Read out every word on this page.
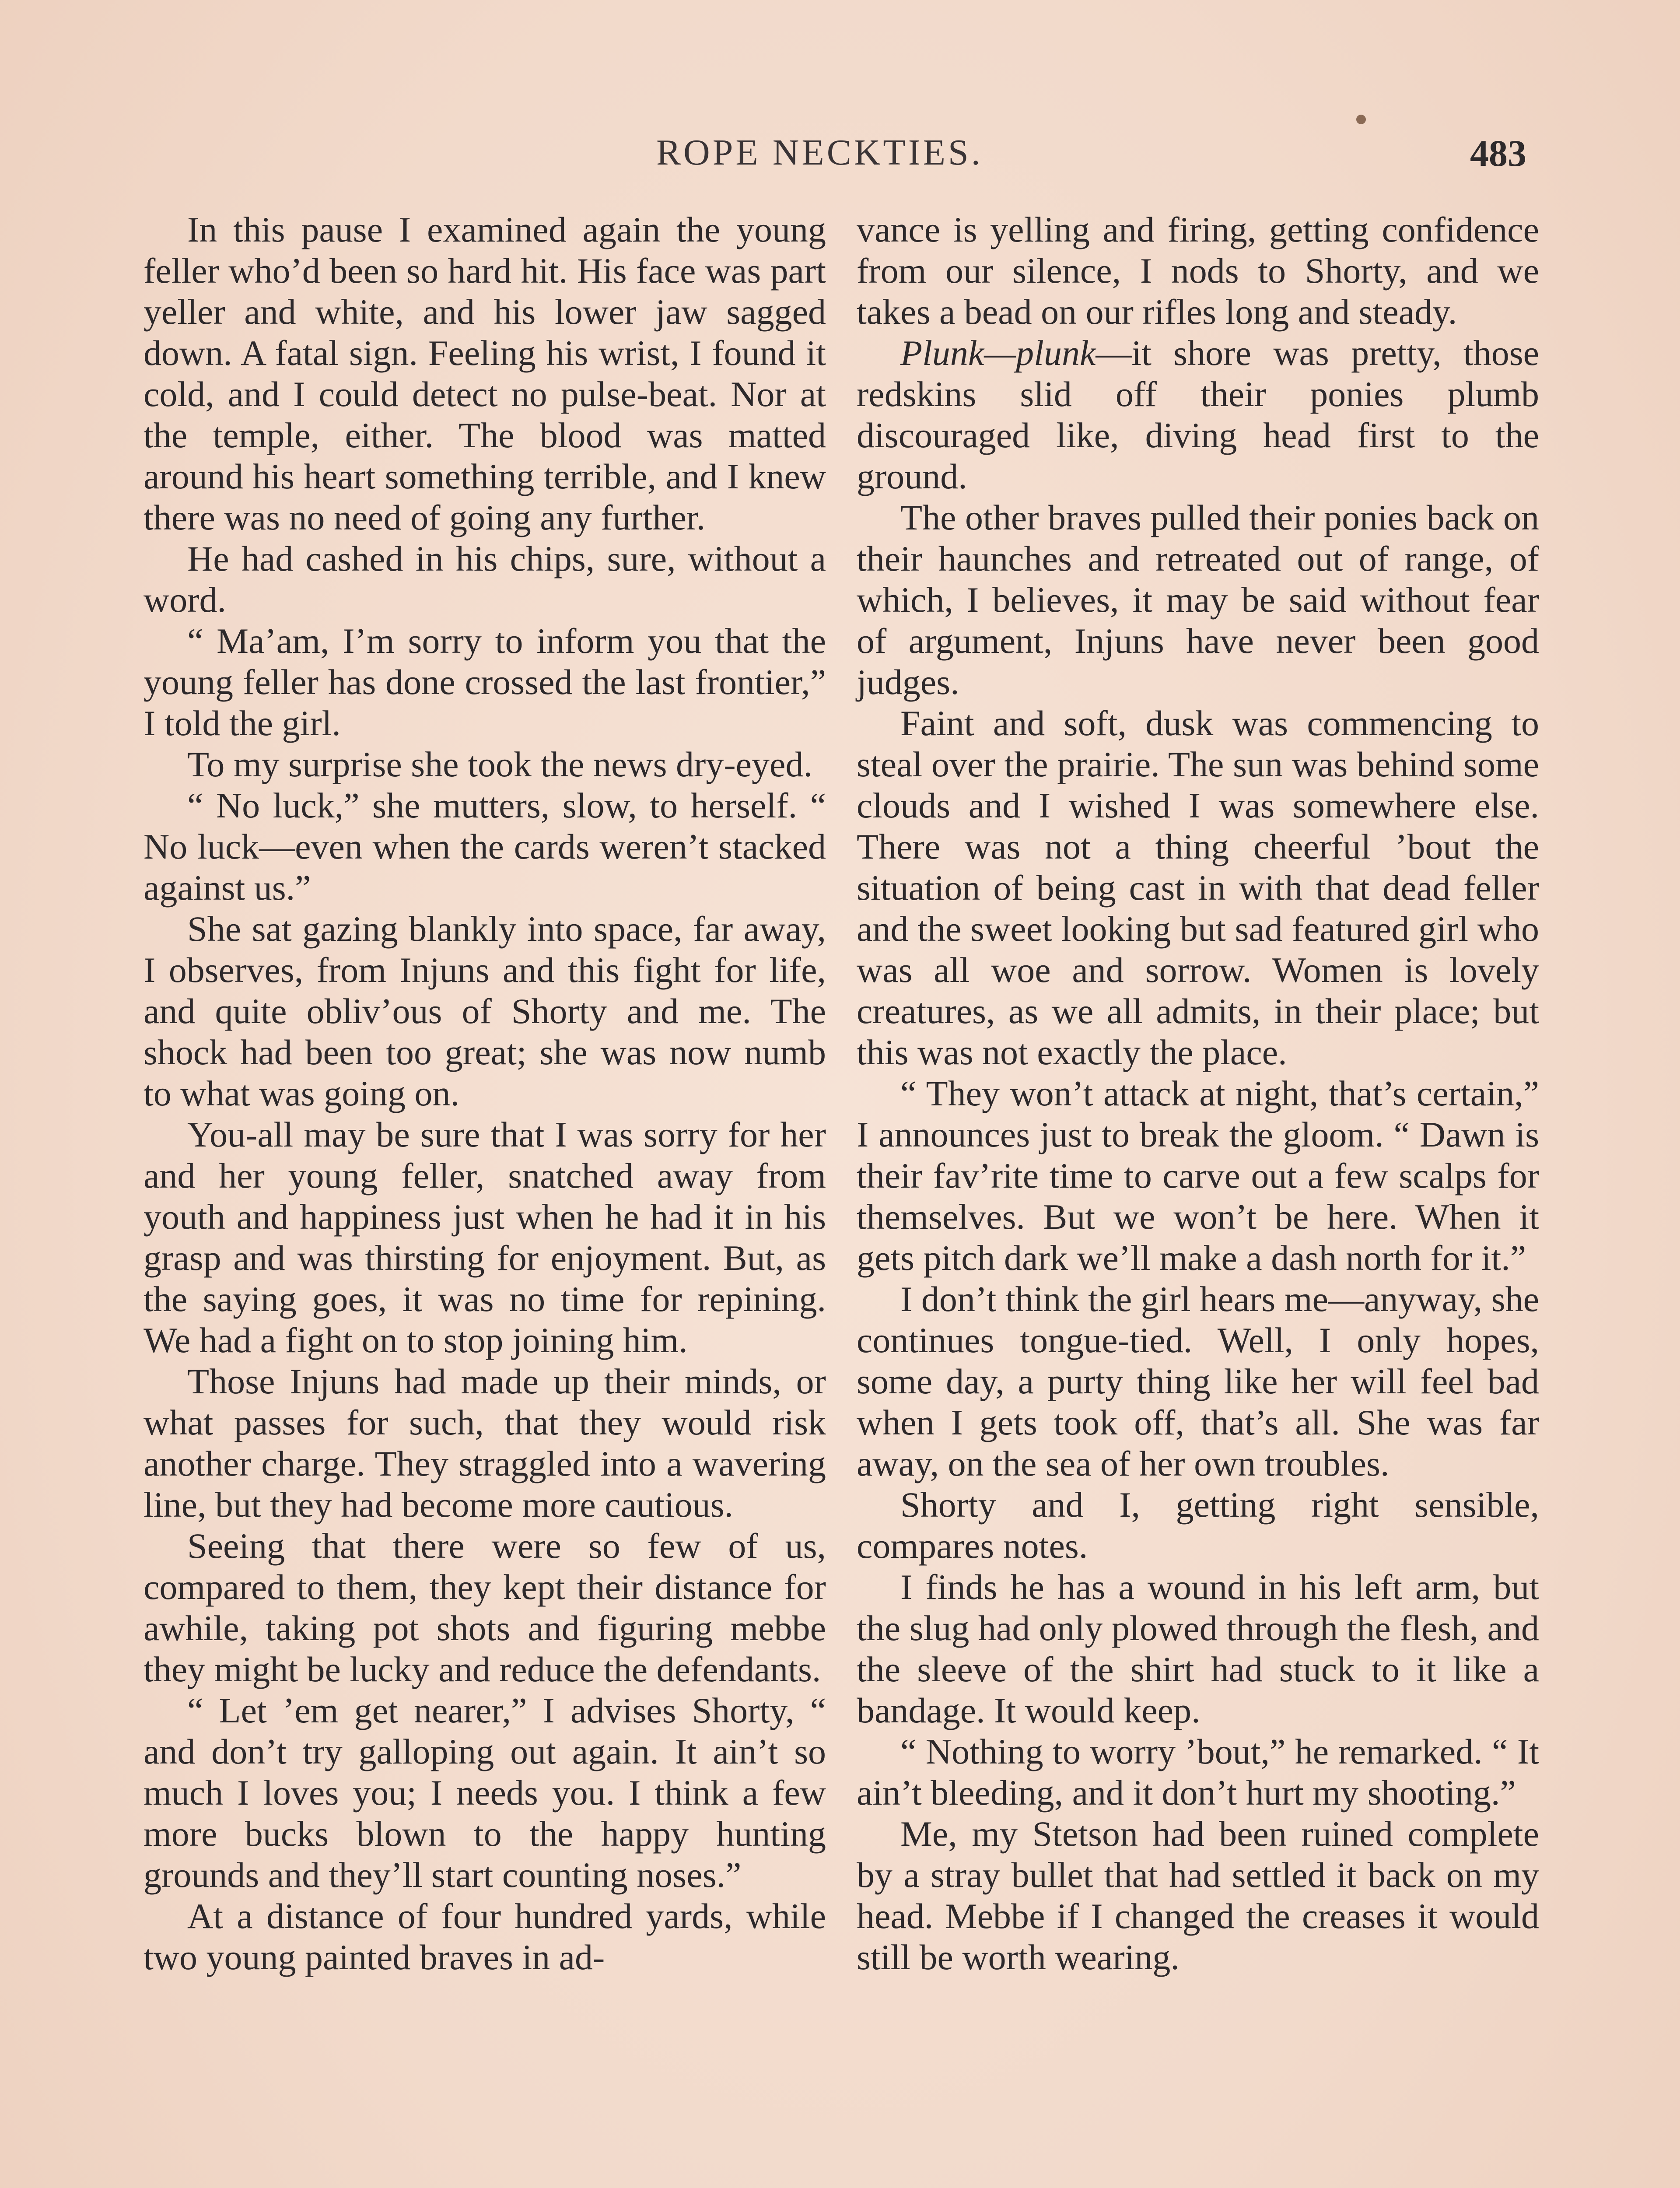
ROPE NECKTIES.	483

In this pause I examined again the young feller who’d been so hard hit. His face was part yeller and white, and his lower jaw sagged down. A fatal sign. Feeling his wrist, I found it cold, and I could detect no pulse-beat. Nor at the temple, either. The blood was matted around his heart something terrible, and I knew there was no need of going any further.

He had cashed in his chips, sure, without a word.

“ Ma’am, I’m sorry to inform you that the young feller has done crossed the last frontier,” I told the girl.

To my surprise she took the news dry-eyed.

“ No luck,” she mutters, slow, to herself. “ No luck—even when the cards weren’t stacked against us.”

She sat gazing blankly into space, far away, I observes, from Injuns and this fight for life, and quite obliv’ous of Shorty and me. The shock had been too great; she was now numb to what was going on.

You-all may be sure that I was sorry for her and her young feller, snatched away from youth and happiness just when he had it in his grasp and was thirsting for enjoyment. But, as the saying goes, it was no time for repining. We had a fight on to stop joining him.

Those Injuns had made up their minds, or what passes for such, that they would risk another charge. They straggled into a wavering line, but they had become more cautious.

Seeing that there were so few of us, compared to them, they kept their distance for awhile, taking pot shots and figuring mebbe they might be lucky and reduce the defendants.

“ Let ’em get nearer,” I advises Shorty, “ and don’t try galloping out again. It ain’t so much I loves you; I needs you. I think a few more bucks blown to the happy hunting grounds and they’ll start counting noses.”

At a distance of four hundred yards, while two young painted braves in ad-

vance is yelling and firing, getting confidence from our silence, I nods to Shorty, and we takes a bead on our rifles long and steady.

Plunk—plunk—it shore was pretty, those redskins slid off their ponies plumb discouraged like, diving head first to the ground.

The other braves pulled their ponies back on their haunches and retreated out of range, of which, I believes, it may be said without fear of argument, Injuns have never been good judges.

Faint and soft, dusk was commencing to steal over the prairie. The sun was behind some clouds and I wished I was somewhere else. There was not a thing cheerful ’bout the situation of being cast in with that dead feller and the sweet looking but sad featured girl who was all woe and sorrow. Women is lovely creatures, as we all admits, in their place; but this was not exactly the place.

“ They won’t attack at night, that’s certain,” I announces just to break the gloom. “ Dawn is their fav’rite time to carve out a few scalps for themselves. But we won’t be here. When it gets pitch dark we’ll make a dash north for it.”

I don’t think the girl hears me—anyway, she continues tongue-tied. Well, I only hopes, some day, a purty thing like her will feel bad when I gets took off, that’s all. She was far away, on the sea of her own troubles.

Shorty and I, getting right sensible, compares notes.

I finds he has a wound in his left arm, but the slug had only plowed through the flesh, and the sleeve of the shirt had stuck to it like a bandage. It would keep.

“ Nothing to worry ’bout,” he remarked. “ It ain’t bleeding, and it don’t hurt my shooting.”

Me, my Stetson had been ruined complete by a stray bullet that had settled it back on my head. Mebbe if I changed the creases it would still be worth wearing.
